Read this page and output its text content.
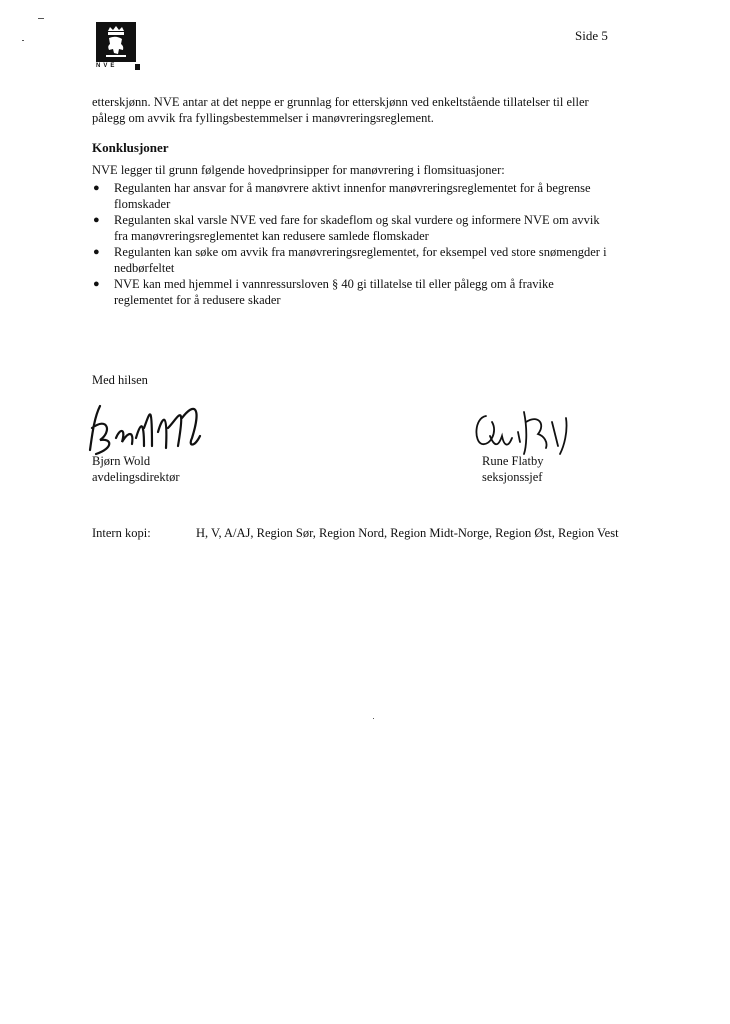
NVE
Side 5

etterskjønn. NVE antar at det neppe er grunnlag for etterskjønn ved enkeltstående tillatelser til eller

pålegg om avvik fra fyllingsbestemmelser i manøvreringsreglement.

Konklusjoner

NVE legger til grunn følgende hovedprinsipper for manøvrering i flomsituasjoner:

● Regulanten har ansvar for å manøvrere aktivt innenfor manøvreringsreglementet for å begrense
flomskader
● Regulanten skal varsle NVE ved fare for skadeflom og skal vurdere og informere NVE om avvik
fra manøvreringsreglementet kan redusere samlede flomskader
● Regulanten kan søke om avvik fra manøvreringsreglementet, for eksempel ved store snømengder i
nedbørfeltet
● NVE kan med hjemmel i vannressursloven § 40 gi tillatelse til eller pålegg om å fravike
reglementet for å redusere skader
Med hilsen
Bjørn Wold
avdelingsdirektør
Rune Flatby
seksjonssjef
Intern kopi:	H, V, A/AJ, Region Sør, Region Nord, Region Midt-Norge, Region Øst, Region Vest
